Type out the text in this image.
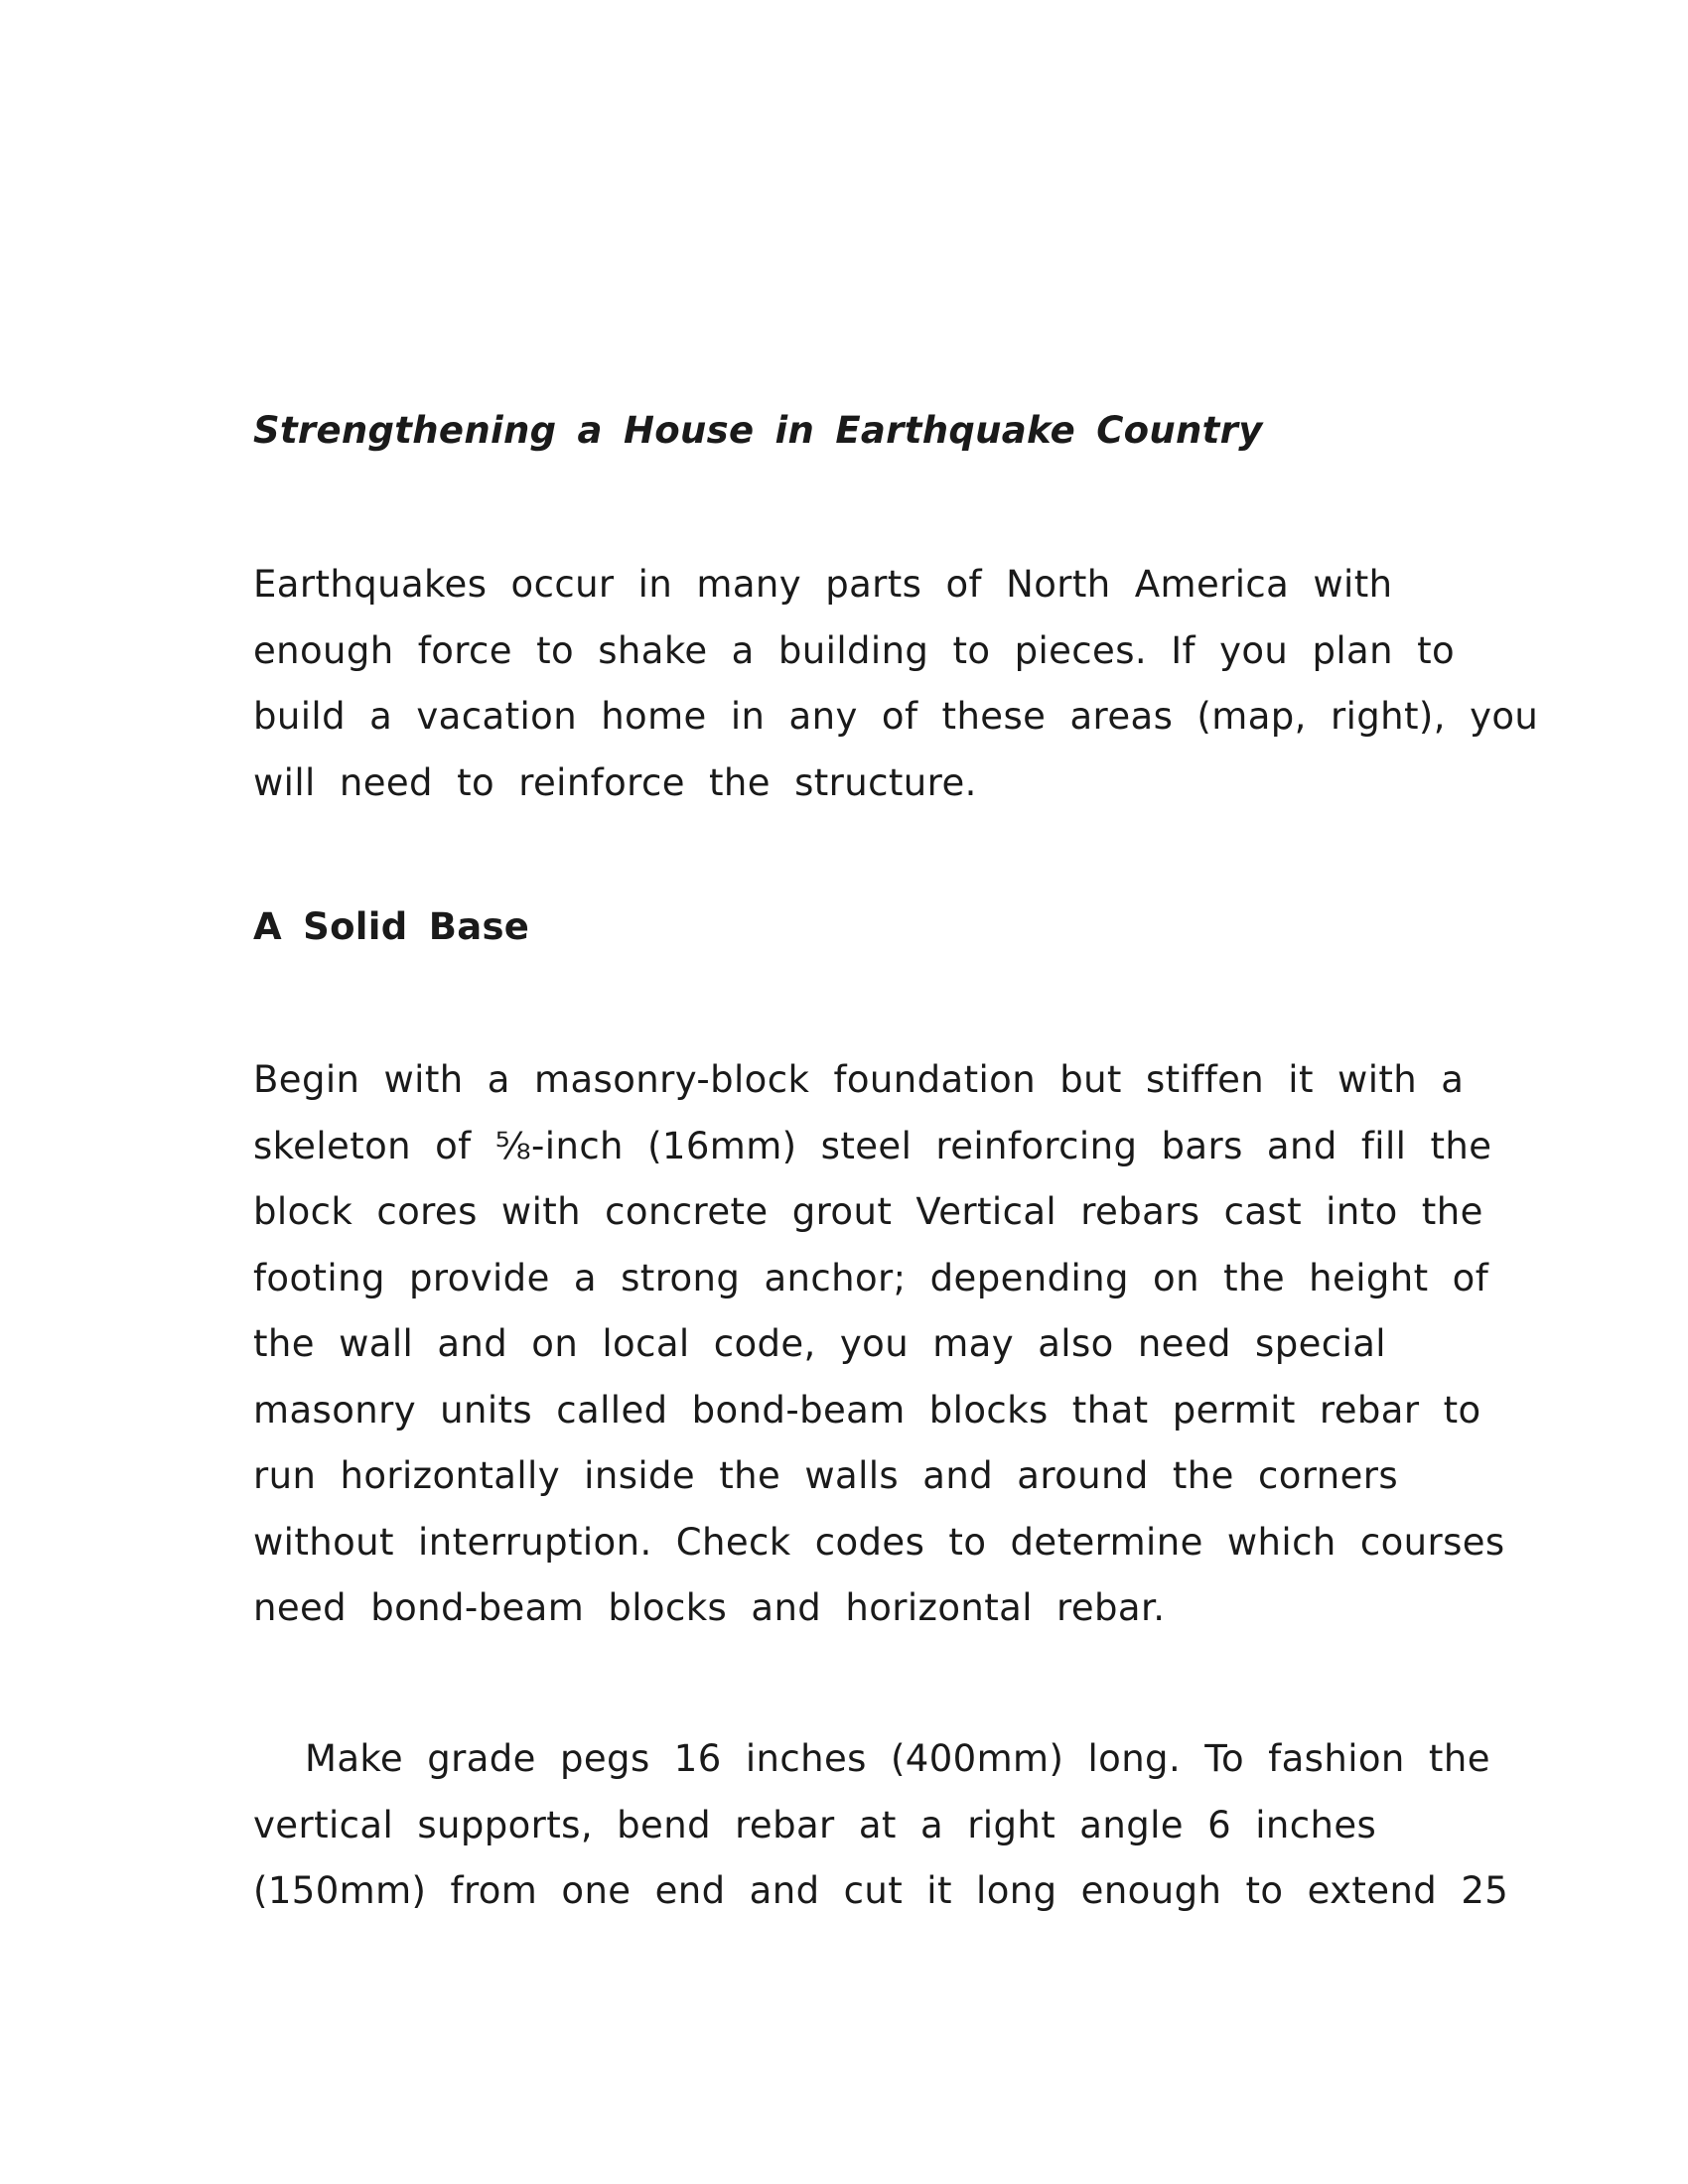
Strengthening a House in Earthquake Country

Earthquakes occur in many parts of North America with
enough force to shake a building to pieces. If you plan to
build a vacation home in any of these areas (map, right), you
will need to reinforce the structure.

A Solid Base

Begin with a masonry-block foundation but stiffen it with a
skeleton of ⅝-inch (16mm) steel reinforcing bars and fill the
block cores with concrete grout Vertical rebars cast into the
footing provide a strong anchor; depending on the height of
the wall and on local code, you may also need special
masonry units called bond-beam blocks that permit rebar to
run horizontally inside the walls and around the corners
without interruption. Check codes to determine which courses
need bond-beam blocks and horizontal rebar.

Make grade pegs 16 inches (400mm) long. To fashion the
vertical supports, bend rebar at a right angle 6 inches
(150mm) from one end and cut it long enough to extend 25
